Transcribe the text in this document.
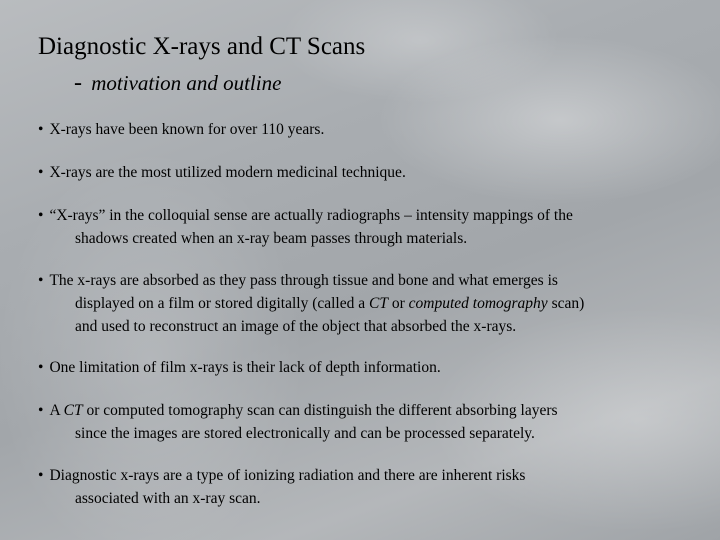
Diagnostic X-rays and CT Scans
- motivation and outline
• X-rays have been known for over 110 years.
• X-rays are the most utilized modern medicinal technique.
• “X-rays” in the colloquial sense are actually radiographs – intensity mappings of the
shadows created when an x-ray beam passes through materials.
• The x-rays are absorbed as they pass through tissue and bone and what emerges is
displayed on a film or stored digitally (called a CT or computed tomography scan)
and used to reconstruct an image of the object that absorbed the x-rays.
• One limitation of film x-rays is their lack of depth information.
• A CT or computed tomography scan can distinguish the different absorbing layers
since the images are stored electronically and can be processed separately.
• Diagnostic x-rays are a type of ionizing radiation and there are inherent risks
associated with an x-ray scan.
